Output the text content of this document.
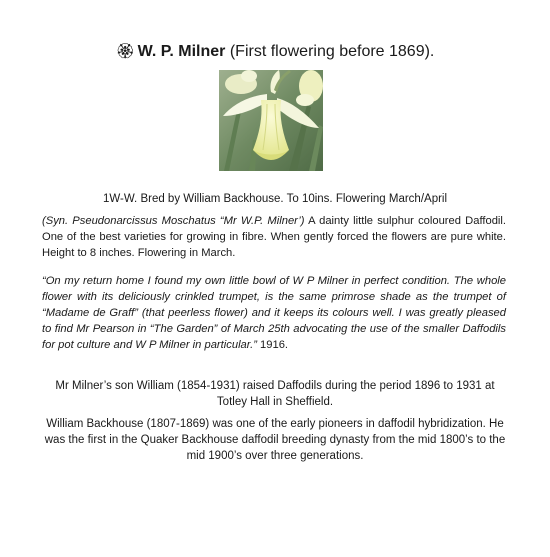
🏵 W. P. Milner (First flowering before 1869).

1W-W. Bred by William Backhouse. To 10ins. Flowering March/April

(Syn. Pseudonarcissus Moschatus “Mr W.P. Milner’) A dainty little sulphur coloured Daffodil. One of the best varieties for growing in fibre. When gently forced the flowers are pure white. Height to 8 inches. Flowering in March.

“On my return home I found my own little bowl of W P Milner in perfect condition. The whole flower with its deliciously crinkled trumpet, is the same primrose shade as the trumpet of “Madame de Graff” (that peerless flower) and it keeps its colours well. I was greatly pleased to find Mr Pearson in “The Garden” of March 25th advocating the use of the smaller Daffodils for pot culture and W P Milner in particular.” 1916.

Mr Milner’s son William (1854-1931) raised Daffodils during the period 1896 to 1931 at Totley Hall in Sheffield.

William Backhouse (1807-1869) was one of the early pioneers in daffodil hybridization. He was the first in the Quaker Backhouse daffodil breeding dynasty from the mid 1800’s to the mid 1900’s over three generations.
